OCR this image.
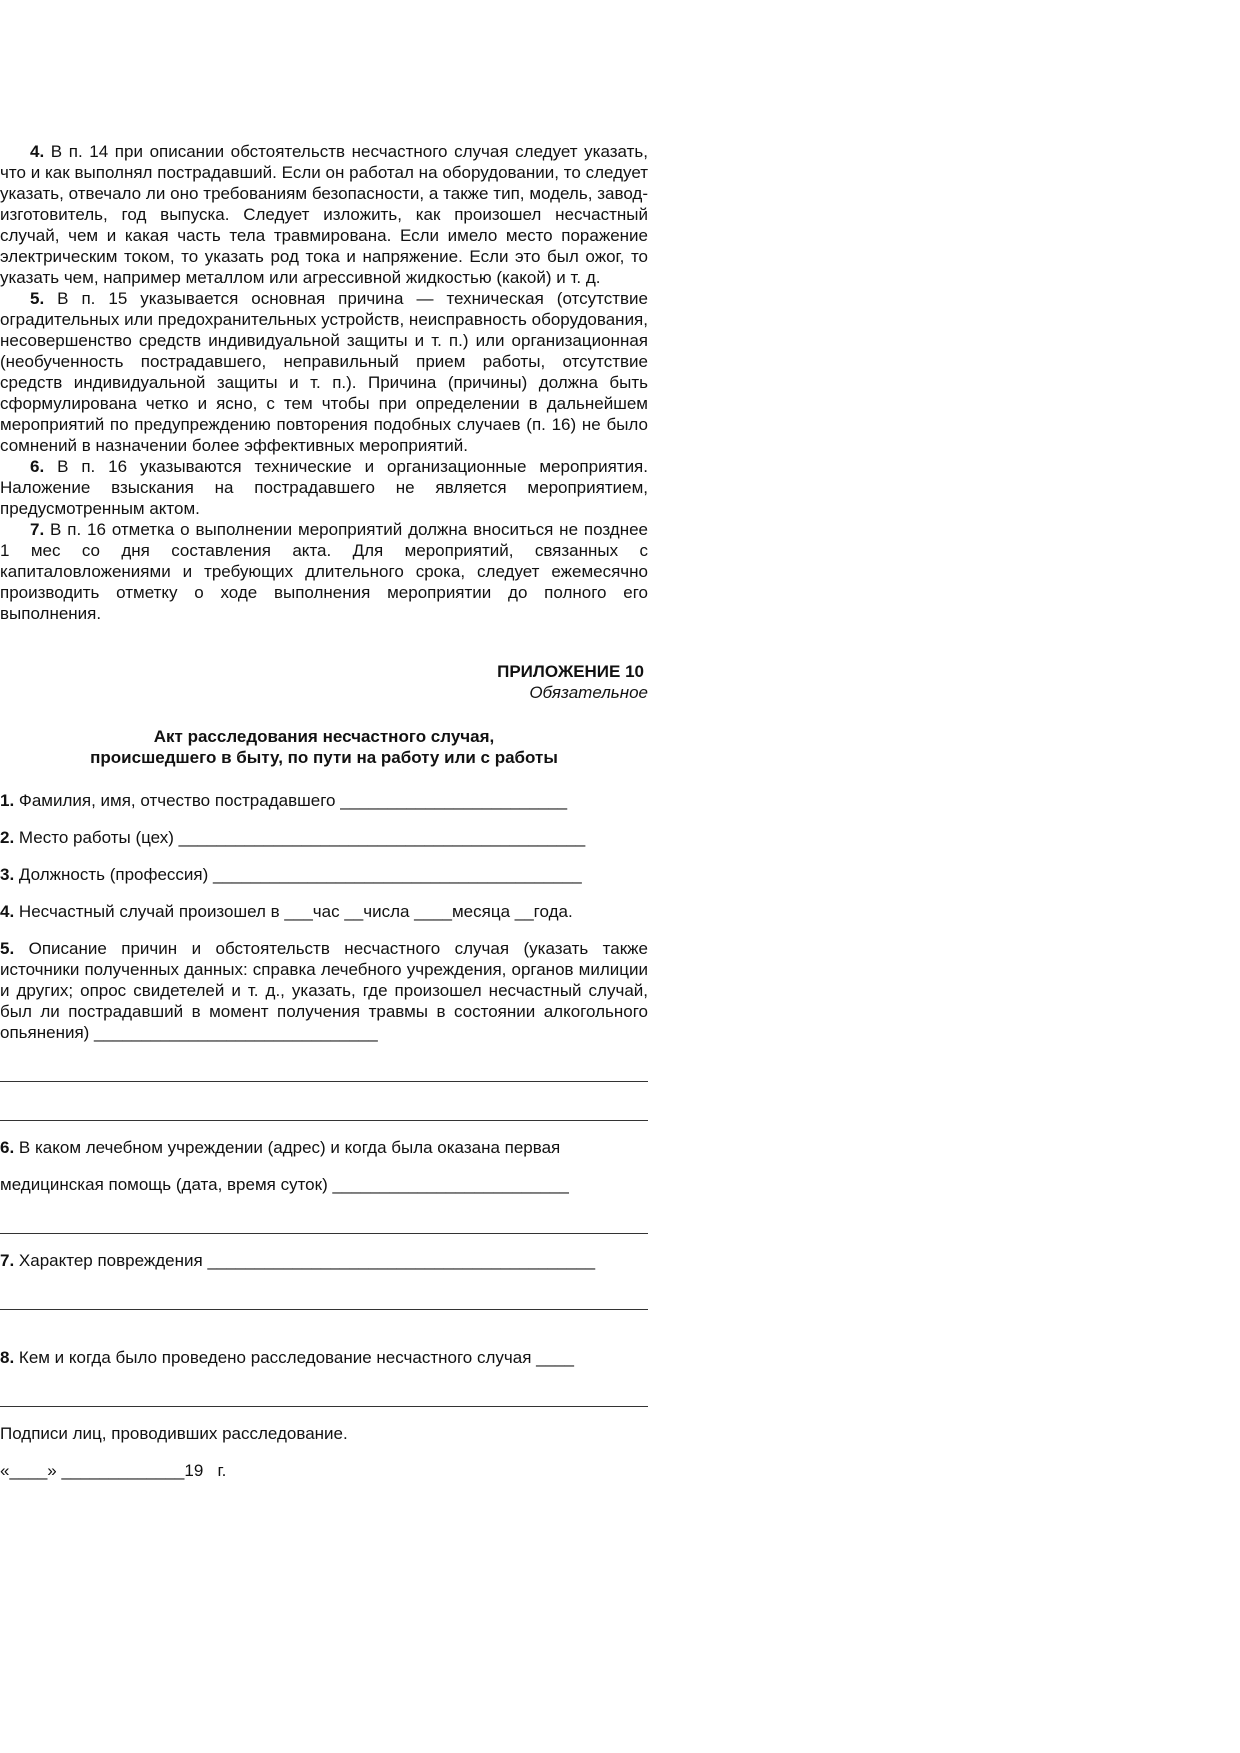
4. В п. 14 при описании обстоятельств несчастного случая следует указать, что и как выполнял пострадавший. Если он работал на оборудовании, то следует указать, отвечало ли оно требованиям безопасности, а также тип, модель, завод-изготовитель, год выпуска. Следует изложить, как произошел несчастный случай, чем и какая часть тела травмирована. Если имело место поражение электрическим током, то указать род тока и напряжение. Если это был ожог, то указать чем, например металлом или агрессивной жидкостью (какой) и т. д.

5. В п. 15 указывается основная причина — техническая (отсутствие оградительных или предохранительных устройств, неисправность оборудования, несовершенство средств индивидуальной защиты и т. п.) или организационная (необученность пострадавшего, неправильный прием работы, отсутствие средств индивидуальной защиты и т. п.). Причина (причины) должна быть сформулирована четко и ясно, с тем чтобы при определении в дальнейшем мероприятий по предупреждению повторения подобных случаев (п. 16) не было сомнений в назначении более эффективных мероприятий.

6. В п. 16 указываются технические и организационные мероприятия. Наложение взыскания на пострадавшего не является мероприятием, предусмотренным актом.

7. В п. 16 отметка о выполнении мероприятий должна вноситься не позднее 1 мес со дня составления акта. Для мероприятий, связанных с капиталовложениями и требующих длительного срока, следует ежемесячно производить отметку о ходе выполнения мероприятии до полного его выполнения.

ПРИЛОЖЕНИЕ 10
Обязательное
Акт расследования несчастного случая,
происшедшего в быту, по пути на работу или с работы

1. Фамилия, имя, отчество пострадавшего ________________________

2. Место работы (цех) ___________________________________________

3. Должность (профессия) _______________________________________

4. Несчастный случай произошел в ___час __числа ____месяца __года.

5. Описание причин и обстоятельств несчастного случая (указать также источники полученных данных: справка лечебного учреждения, органов милиции и других; опрос свидетелей и т. д., указать, где произошел несчастный случай, был ли пострадавший в момент получения травмы в состоянии алкогольного опьянения) ______________________________

6. В каком лечебном учреждении (адрес) и когда была оказана первая

медицинская помощь (дата, время суток) _________________________

7. Характер повреждения _________________________________________

8. Кем и когда было проведено расследование несчастного случая ____

Подписи лиц, проводивших расследование.

«____» _____________19   г.
